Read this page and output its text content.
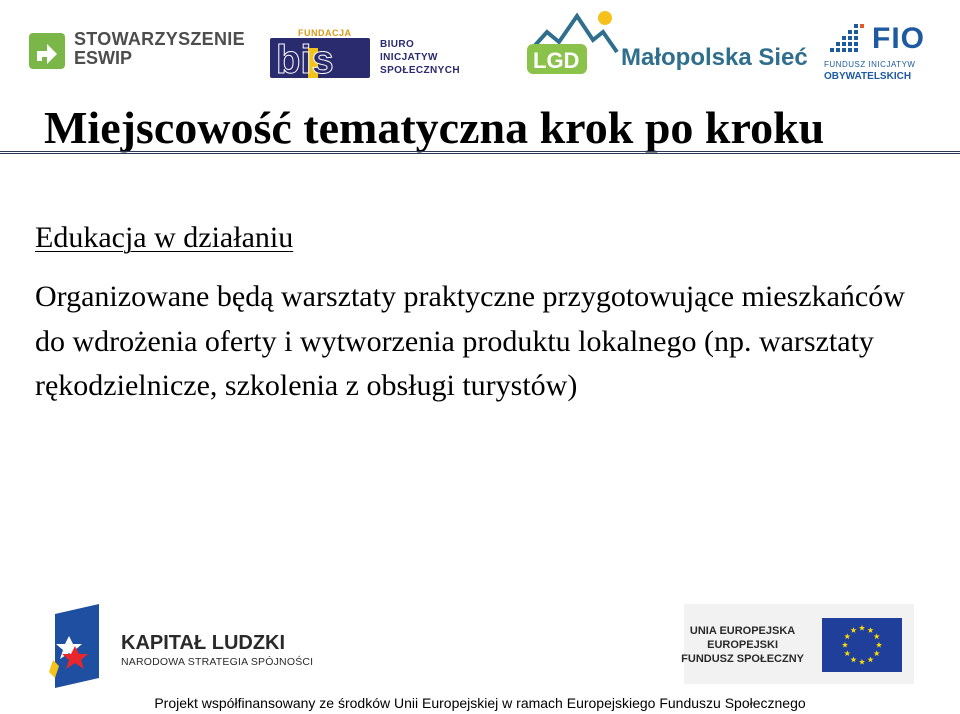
STOWARZYSZENIE
ESWIP	bis
FUNDACJA
BIURO
INICJATYW
SPOŁECZNYCH	LGD Małopolska Sieć
FIO
FUNDUSZ INICJATYW
OBYWATELSKICH
Miejscowość tematyczna krok po kroku
Edukacja w działaniu
Organizowane będą warsztaty praktyczne przygotowujące mieszkańców do wdrożenia oferty i wytworzenia produktu lokalnego (np. warsztaty rękodzielnicze, szkolenia z obsługi turystów)
KAPITAŁ LUDZKI
NARODOWA STRATEGIA SPÓJNOŚCI
UNIA EUROPEJSKA
EUROPEJSKI
FUNDUSZ SPOŁECZNY
Projekt współfinansowany ze środków Unii Europejskiej w ramach Europejskiego Funduszu Społecznego
